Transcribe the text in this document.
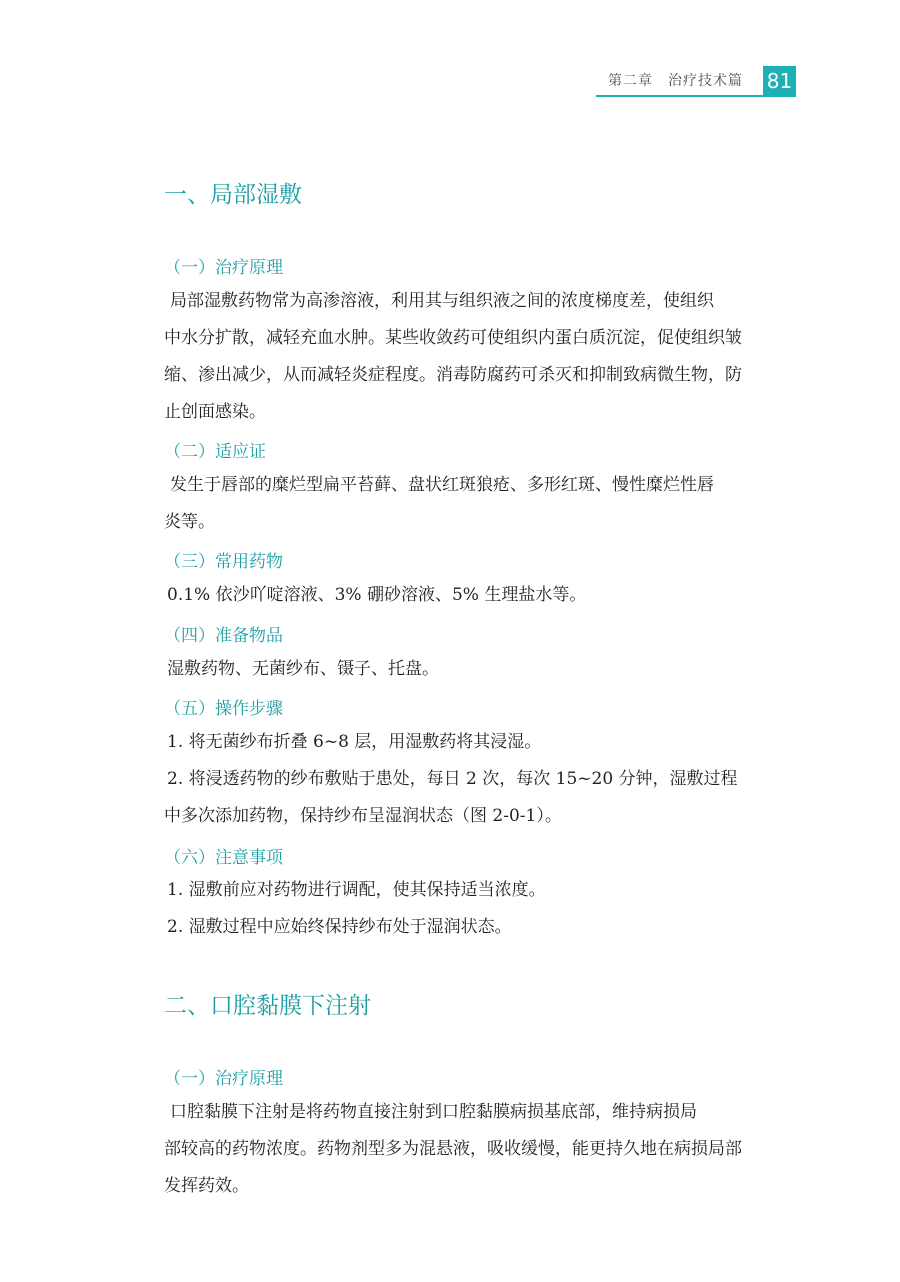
第二章　治疗技术篇 81
一、局部湿敷
（一）治疗原理
局部湿敷药物常为高渗溶液，利用其与组织液之间的浓度梯度差，使组织
中水分扩散，减轻充血水肿。某些收敛药可使组织内蛋白质沉淀，促使组织皱
缩、渗出减少，从而减轻炎症程度。消毒防腐药可杀灭和抑制致病微生物，防
止创面感染。
（二）适应证
发生于唇部的糜烂型扁平苔藓、盘状红斑狼疮、多形红斑、慢性糜烂性唇
炎等。
（三）常用药物
0.1% 依沙吖啶溶液、3% 硼砂溶液、5% 生理盐水等。
（四）准备物品
湿敷药物、无菌纱布、镊子、托盘。
（五）操作步骤
1. 将无菌纱布折叠 6~8 层，用湿敷药将其浸湿。
2. 将浸透药物的纱布敷贴于患处，每日 2 次，每次 15~20 分钟，湿敷过程
中多次添加药物，保持纱布呈湿润状态（图 2-0-1）。
（六）注意事项
1. 湿敷前应对药物进行调配，使其保持适当浓度。
2. 湿敷过程中应始终保持纱布处于湿润状态。
二、口腔黏膜下注射
（一）治疗原理
口腔黏膜下注射是将药物直接注射到口腔黏膜病损基底部，维持病损局
部较高的药物浓度。药物剂型多为混悬液，吸收缓慢，能更持久地在病损局部
发挥药效。
